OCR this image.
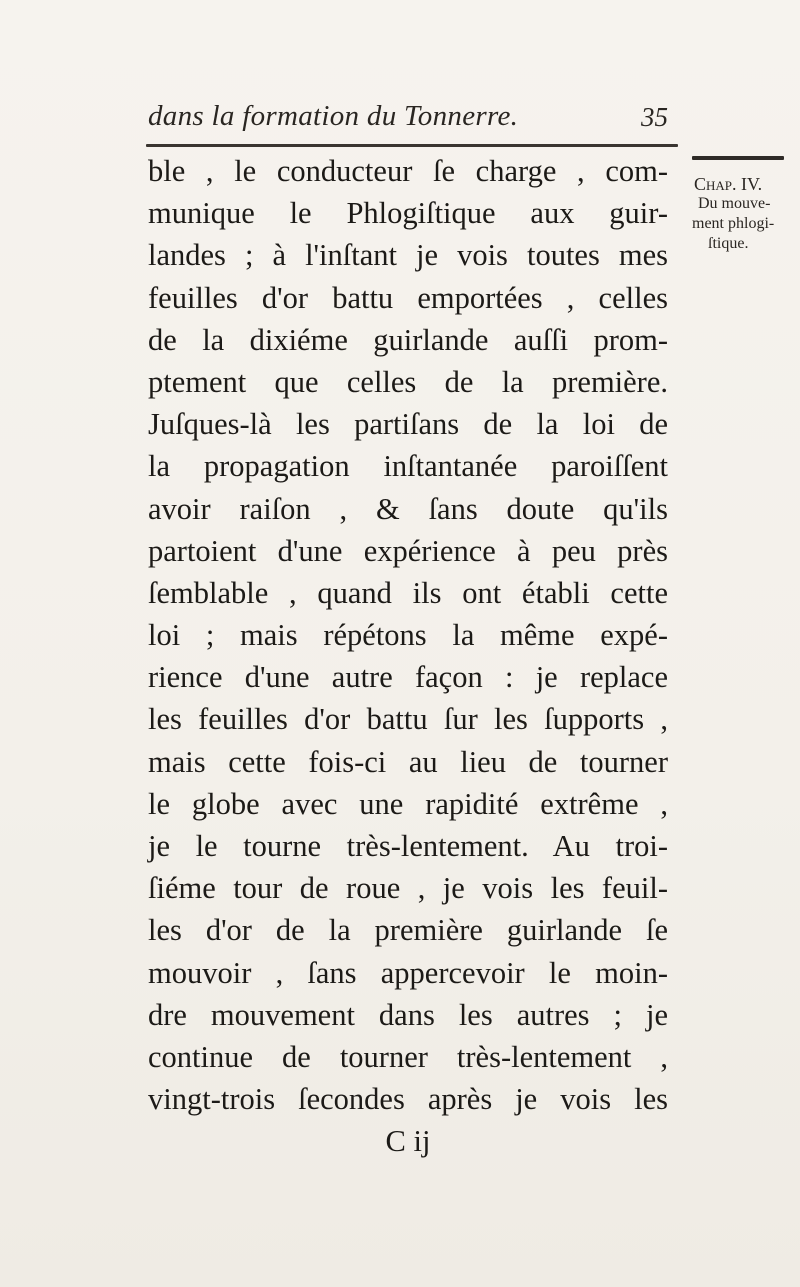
dans la formation du Tonnerre.	35
Chap. IV.
Du mouve-
ment phlogi-
ſtique.
ble , le conducteur ſe charge , com-
munique le Phlogiſtique aux guir-
landes ; à l'inſtant je vois toutes mes
feuilles d'or battu emportées , celles
de la dixiéme guirlande auſſi prom-
ptement que celles de la première.
Juſques-là les partiſans de la loi de
la propagation inſtantanée paroiſſent
avoir raiſon , & ſans doute qu'ils
partoient d'une expérience à peu près
ſemblable , quand ils ont établi cette
loi ; mais répétons la même expé-
rience d'une autre façon : je replace
les feuilles d'or battu ſur les ſupports ,
mais cette fois-ci au lieu de tourner
le globe avec une rapidité extrême ,
je le tourne très-lentement. Au troi-
ſiéme tour de roue , je vois les feuil-
les d'or de la première guirlande ſe
mouvoir , ſans appercevoir le moin-
dre mouvement dans les autres ; je
continue de tourner très-lentement ,
vingt-trois ſecondes après je vois les
C ij
